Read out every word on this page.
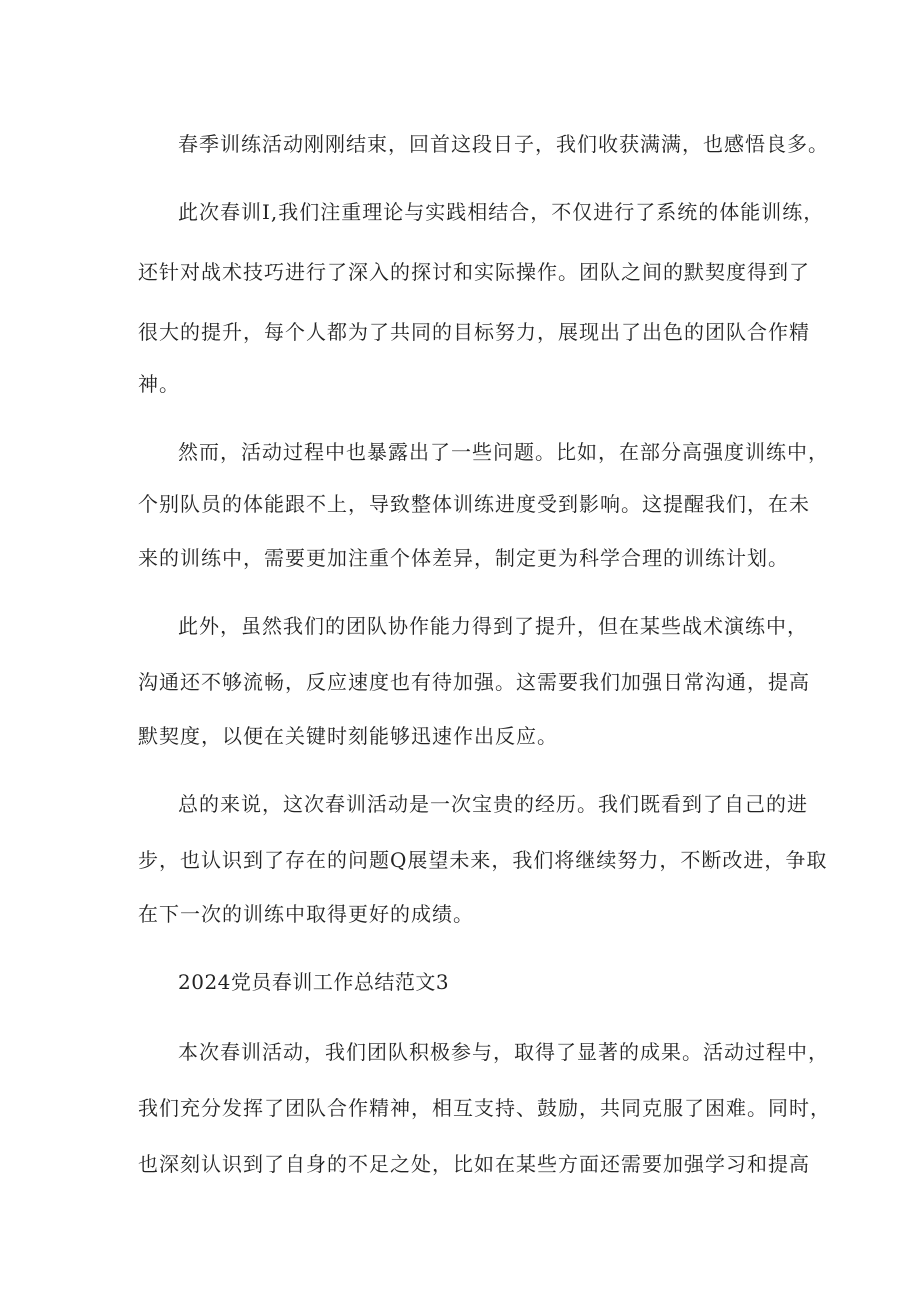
春季训练活动刚刚结束，回首这段日子，我们收获满满，也感悟良多。
此次春训I,我们注重理论与实践相结合，不仅进行了系统的体能训练，
还针对战术技巧进行了深入的探讨和实际操作。团队之间的默契度得到了
很大的提升，每个人都为了共同的目标努力，展现出了出色的团队合作精
神。
然而，活动过程中也暴露出了一些问题。比如，在部分高强度训练中，
个别队员的体能跟不上，导致整体训练进度受到影响。这提醒我们，在未
来的训练中，需要更加注重个体差异，制定更为科学合理的训练计划。
此外，虽然我们的团队协作能力得到了提升，但在某些战术演练中，
沟通还不够流畅，反应速度也有待加强。这需要我们加强日常沟通，提高
默契度，以便在关键时刻能够迅速作出反应。
总的来说，这次春训活动是一次宝贵的经历。我们既看到了自己的进
步，也认识到了存在的问题Q展望未来，我们将继续努力，不断改进，争取
在下一次的训练中取得更好的成绩。
2024党员春训工作总结范文3
本次春训活动，我们团队积极参与，取得了显著的成果。活动过程中，
我们充分发挥了团队合作精神，相互支持、鼓励，共同克服了困难。同时，
也深刻认识到了自身的不足之处，比如在某些方面还需要加强学习和提高
